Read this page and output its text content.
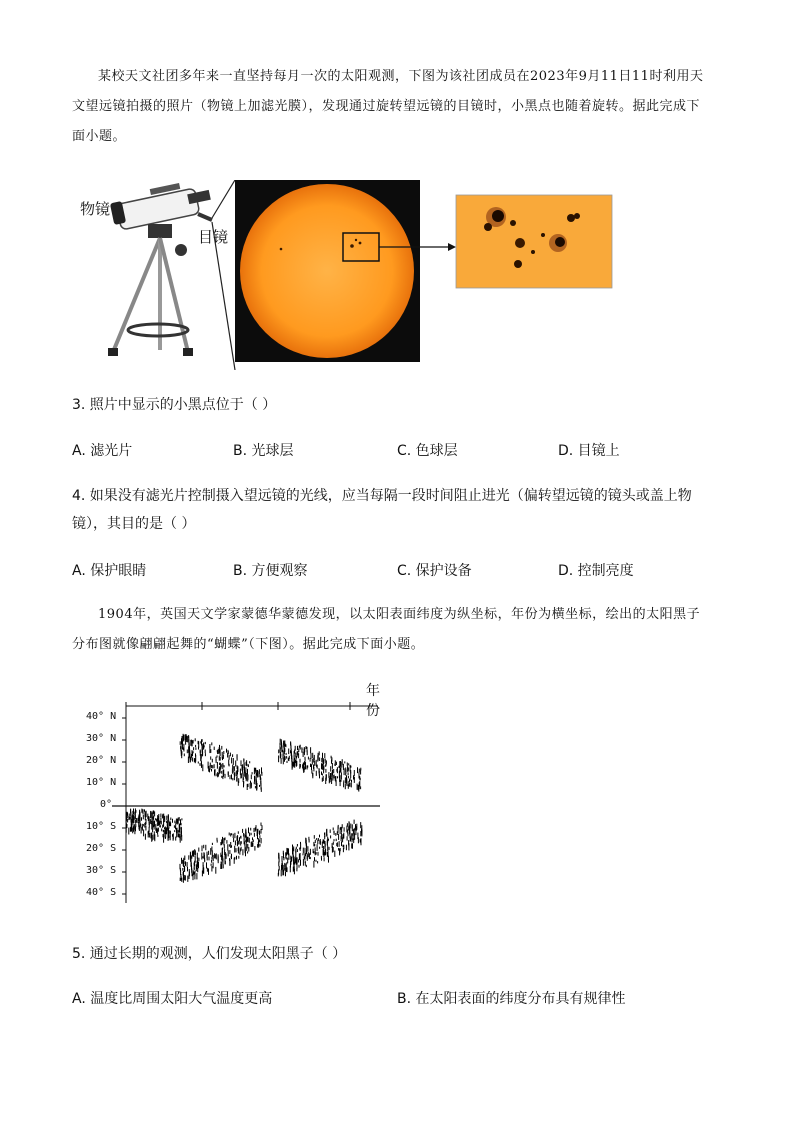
某校天文社团多年来一直坚持每月一次的太阳观测，下图为该社团成员在2023年9月11日11时利用天文望远镜拍摄的照片（物镜上加滤光膜），发现通过旋转望远镜的目镜时，小黑点也随着旋转。据此完成下面小题。
物镜
目镜
3. 照片中显示的小黑点位于（ ）
A. 滤光片	B. 光球层	C. 色球层	D. 目镜上
4. 如果没有滤光片控制摄入望远镜的光线，应当每隔一段时间阻止进光（偏转望远镜的镜头或盖上物镜），其目的是（ ）
A. 保护眼睛	B. 方便观察	C. 保护设备	D. 控制亮度
1904年，英国天文学家蒙德华蒙德发现，以太阳表面纬度为纵坐标，年份为横坐标，绘出的太阳黑子分布图就像翩翩起舞的“蝴蝶”（下图）。据此完成下面小题。
年份
40° N
30° N
20° N
10° N
0°
10° S
20° S
30° S
40° S
5. 通过长期的观测，人们发现太阳黑子（ ）
A. 温度比周围太阳大气温度更高	B. 在太阳表面的纬度分布具有规律性
